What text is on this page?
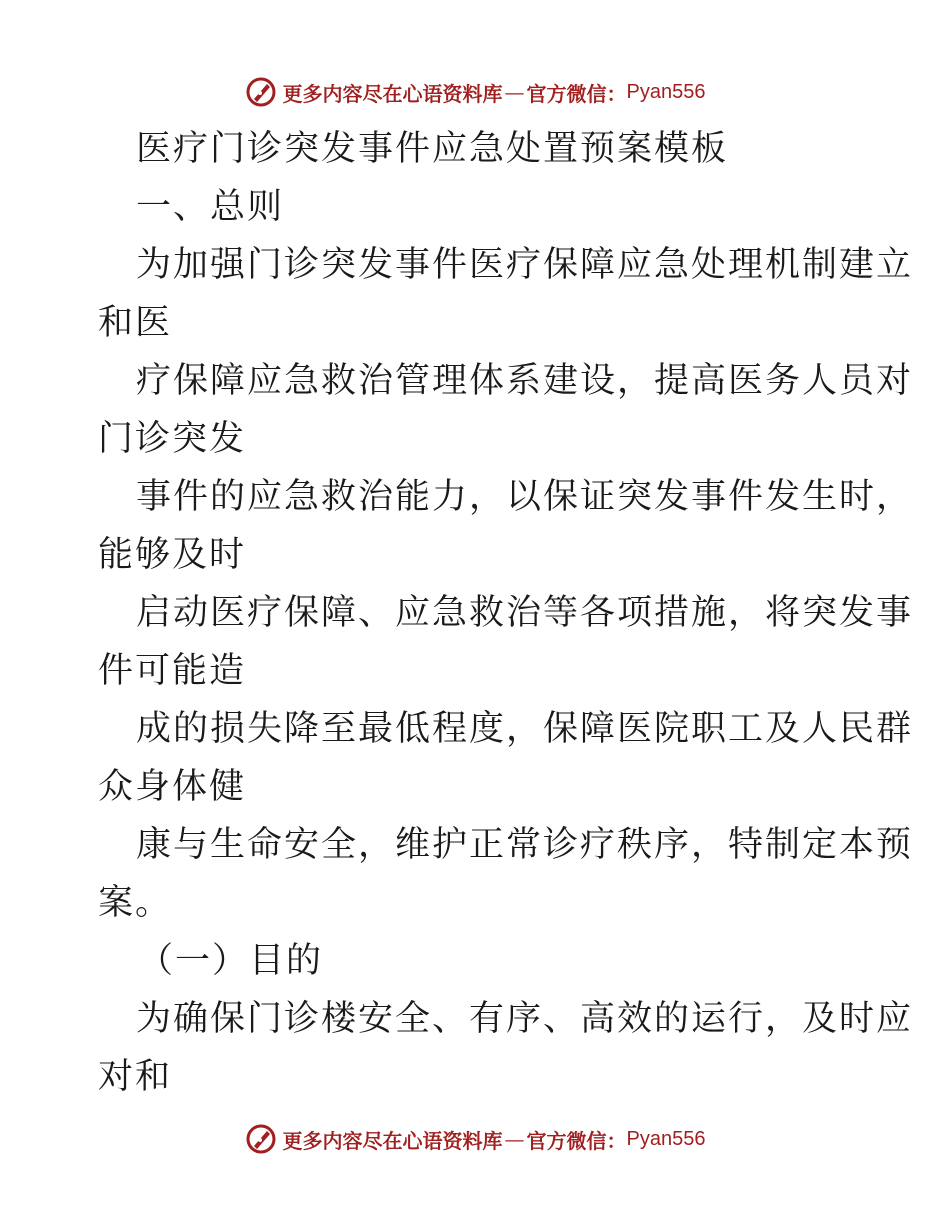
更多内容尽在心语资料库 — 官方微信： Pyan556
医疗门诊突发事件应急处置预案模板
一、总则
为加强门诊突发事件医疗保障应急处理机制建立
和医
疗保障应急救治管理体系建设，提高医务人员对
门诊突发
事件的应急救治能力，以保证突发事件发生时，
能够及时
启动医疗保障、应急救治等各项措施，将突发事
件可能造
成的损失降至最低程度，保障医院职工及人民群
众身体健
康与生命安全，维护正常诊疗秩序，特制定本预
案。
（一）目的
为确保门诊楼安全、有序、高效的运行，及时应
对和
更多内容尽在心语资料库 — 官方微信： Pyan556
